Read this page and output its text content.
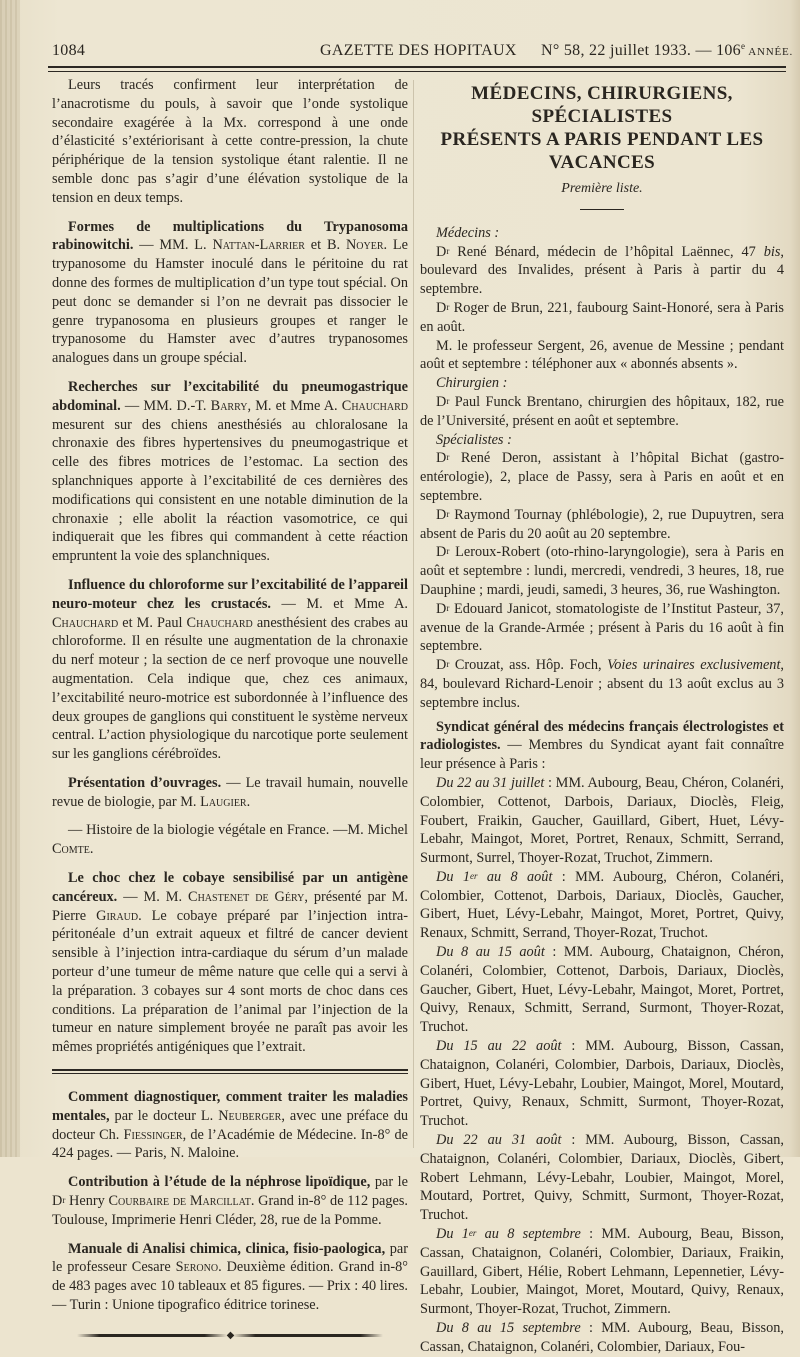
1084	GAZETTE DES HOPITAUX N° 58, 22 juillet 1933. — 106e ANNÉE.

Leurs tracés confirment leur interprétation de l’anacrotisme du pouls, à savoir que l’onde systolique secondaire exagérée à la Mx. correspond à une onde d’élasticité s’extériorisant à cette contre-pression, la chute périphérique de la tension systolique étant ralentie. Il ne semble donc pas s’agir d’une élévation systolique de la tension en deux temps.

Formes de multiplications du Trypanosoma rabinowitchi. — MM. L. Nattan-Larrier et B. Noyer. Le trypanosome du Hamster inoculé dans le péritoine du rat donne des formes de multiplication d’un type tout spécial. On peut donc se demander si l’on ne devrait pas dissocier le genre trypanosoma en plusieurs groupes et ranger le trypanosome du Hamster avec d’autres trypanosomes analogues dans un groupe spécial.

Recherches sur l’excitabilité du pneumogastrique abdominal. — MM. D.-T. Barry, M. et Mme A. Chauchard mesurent sur des chiens anesthésiés au chloralosane la chronaxie des fibres hypertensives du pneumogastrique et celle des fibres motrices de l’estomac. La section des splanchniques apporte à l’excitabilité de ces dernières des modifications qui consistent en une notable diminution de la chronaxie ; elle abolit la réaction vasomotrice, ce qui indiquerait que les fibres qui commandent à cette réaction empruntent la voie des splanchniques.

Influence du chloroforme sur l’excitabilité de l’appareil neuro-moteur chez les crustacés. — M. et Mme A. Chauchard et M. Paul Chauchard anesthésient des crabes au chloroforme. Il en résulte une augmentation de la chronaxie du nerf moteur ; la section de ce nerf provoque une nouvelle augmentation. Cela indique que, chez ces animaux, l’excitabilité neuro-motrice est subordonnée à l’influence des deux groupes de ganglions qui constituent le système nerveux central. L’action physiologique du narcotique porte seulement sur les ganglions cérébroïdes.

Présentation d’ouvrages. — Le travail humain, nouvelle revue de biologie, par M. Laugier.

— Histoire de la biologie végétale en France. —M. Michel Comte.

Le choc chez le cobaye sensibilisé par un antigène cancéreux. — M. M. Chastenet de Géry, présenté par M. Pierre Giraud. Le cobaye préparé par l’injection intra-péritonéale d’un extrait aqueux et filtré de cancer devient sensible à l’injection intra-cardiaque du sérum d’un malade porteur d’une tumeur de même nature que celle qui a servi à la préparation. 3 cobayes sur 4 sont morts de choc dans ces conditions. La préparation de l’animal par l’injection de la tumeur en nature simplement broyée ne paraît pas avoir les mêmes propriétés antigéniques que l’extrait.

Comment diagnostiquer, comment traiter les maladies mentales, par le docteur L. Neuberger, avec une préface du docteur Ch. Fiessinger, de l’Académie de Médecine. In-8° de 424 pages. — Paris, N. Maloine.

Contribution à l’étude de la néphrose lipoïdique, par le $D^r$ Henry Courbaire de Marcillat. Grand in-8° de 112 pages. Toulouse, Imprimerie Henri Cléder, 28, rue de la Pomme.

Manuale di Analisi chimica, clinica, fisio-paologica, par le professeur Cesare Serono. Deuxième édition. Grand in-8° de 483 pages avec 10 tableaux et 85 figures. — Prix : 40 lires. — Turin : Unione tipografico éditrice torinese.

◆
MÉDECINS, CHIRURGIENS, SPÉCIALISTES
PRÉSENTS A PARIS PENDANT LES VACANCES
Première liste.

Médecins :

$D^r$ René Bénard, médecin de l’hôpital Laënnec, 47 bis, boulevard des Invalides, présent à Paris à partir du 4 septembre.

$D^r$ Roger de Brun, 221, faubourg Saint-Honoré, sera à Paris en août.

M. le professeur Sergent, 26, avenue de Messine ; pendant août et septembre : téléphoner aux « abonnés absents ».

Chirurgien :

$D^r$ Paul Funck Brentano, chirurgien des hôpitaux, 182, rue de l’Université, présent en août et septembre.

Spécialistes :

$D^r$ René Deron, assistant à l’hôpital Bichat (gastro-entérologie), 2, place de Passy, sera à Paris en août et en septembre.

$D^r$ Raymond Tournay (phlébologie), 2, rue Dupuytren, sera absent de Paris du 20 août au 20 septembre.

$D^r$ Leroux-Robert (oto-rhino-laryngologie), sera à Paris en août et septembre : lundi, mercredi, vendredi, 3 heures, 18, rue Dauphine ; mardi, jeudi, samedi, 3 heures, 36, rue Washington.

$D^r$ Edouard Janicot, stomatologiste de l’Institut Pasteur, 37, avenue de la Grande-Armée ; présent à Paris du 16 août à fin septembre.

$D^r$ Crouzat, ass. Hôp. Foch, Voies urinaires exclusivement, 84, boulevard Richard-Lenoir ; absent du 13 août exclus au 3 septembre inclus.

Syndicat général des médecins français électrologistes et radiologistes. — Membres du Syndicat ayant fait connaître leur présence à Paris :

Du 22 au 31 juillet : MM. Aubourg, Beau, Chéron, Colanéri, Colombier, Cottenot, Darbois, Dariaux, Dioclès, Fleig, Foubert, Fraikin, Gaucher, Gauillard, Gibert, Huet, Lévy-Lebahr, Maingot, Moret, Portret, Renaux, Schmitt, Serrand, Surmont, Surrel, Thoyer-Rozat, Truchot, Zimmern.

Du 1er au 8 août : MM. Aubourg, Chéron, Colanéri, Colombier, Cottenot, Darbois, Dariaux, Dioclès, Gaucher, Gibert, Huet, Lévy-Lebahr, Maingot, Moret, Portret, Quivy, Renaux, Schmitt, Serrand, Thoyer-Rozat, Truchot.

Du 8 au 15 août : MM. Aubourg, Chataignon, Chéron, Colanéri, Colombier, Cottenot, Darbois, Dariaux, Dioclès, Gaucher, Gibert, Huet, Lévy-Lebahr, Maingot, Moret, Portret, Quivy, Renaux, Schmitt, Serrand, Surmont, Thoyer-Rozat, Truchot.

Du 15 au 22 août : MM. Aubourg, Bisson, Cassan, Chataignon, Colanéri, Colombier, Darbois, Dariaux, Dioclès, Gibert, Huet, Lévy-Lebahr, Loubier, Maingot, Morel, Moutard, Portret, Quivy, Renaux, Schmitt, Surmont, Thoyer-Rozat, Truchot.

Du 22 au 31 août : MM. Aubourg, Bisson, Cassan, Chataignon, Colanéri, Colombier, Dariaux, Dioclès, Gibert, Robert Lehmann, Lévy-Lebahr, Loubier, Maingot, Morel, Moutard, Portret, Quivy, Schmitt, Surmont, Thoyer-Rozat, Truchot.

Du 1er au 8 septembre : MM. Aubourg, Beau, Bisson, Cassan, Chataignon, Colanéri, Colombier, Dariaux, Fraikin, Gauillard, Gibert, Hélie, Robert Lehmann, Lepennetier, Lévy-Lebahr, Loubier, Maingot, Moret, Moutard, Quivy, Renaux, Surmont, Thoyer-Rozat, Truchot, Zimmern.

Du 8 au 15 septembre : MM. Aubourg, Beau, Bisson, Cassan, Chataignon, Colanéri, Colombier, Dariaux, Fou-
